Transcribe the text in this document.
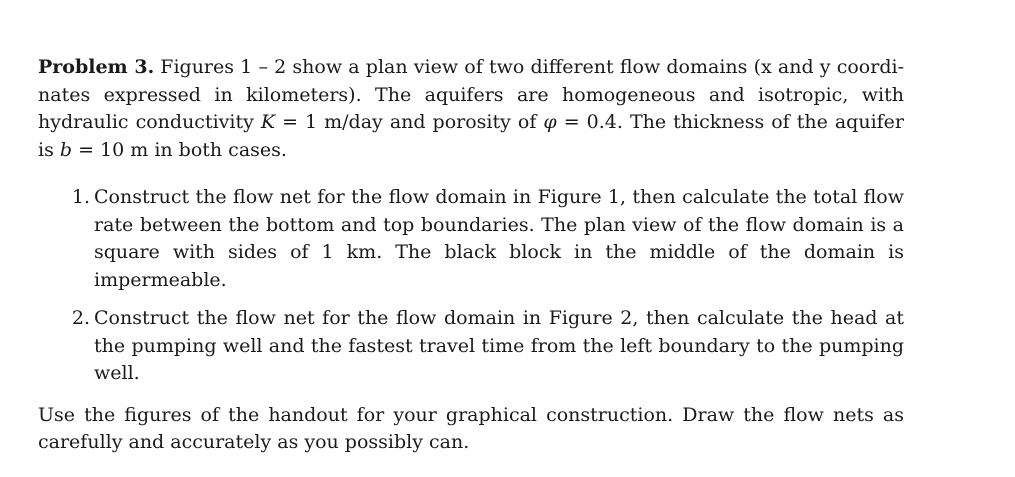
Problem 3. Figures 1 – 2 show a plan view of two different flow domains (x and y coordi- nates expressed in kilometers). The aquifers are homogeneous and isotropic, with hydraulic conductivity K = 1 m/day and porosity of φ = 0.4. The thickness of the aquifer is b = 10 m in both cases.

1. Construct the flow net for the flow domain in Figure 1, then calculate the total flow rate between the bottom and top boundaries. The plan view of the flow domain is a square with sides of 1 km. The black block in the middle of the domain is impermeable.
2. Construct the flow net for the flow domain in Figure 2, then calculate the head at the pumping well and the fastest travel time from the left boundary to the pumping well.

Use the figures of the handout for your graphical construction. Draw the flow nets as carefully and accurately as you possibly can.
